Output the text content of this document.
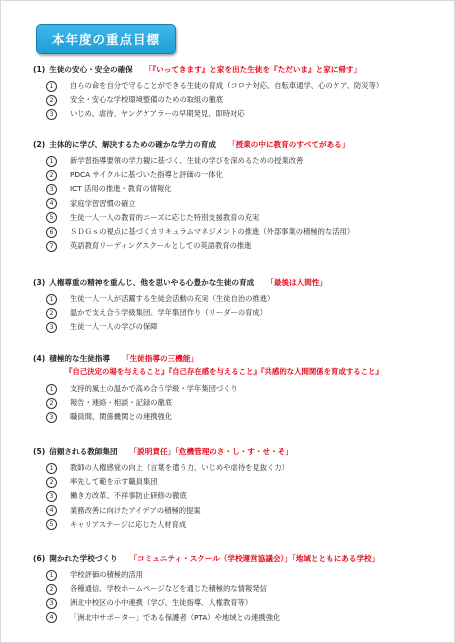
本年度の重点目標
(1) 生徒の安心・安全の確保 「『いってきます』と家を出た生徒を『ただいま』と家に帰す」
1	自らの命を自分で守ることができる生徒の育成（コロナ対応、自転車通学、心のケア、防災等）
2	安全・安心な学校環境整備のための取組の徹底
3	いじめ、虐待、ヤングケアラーの早期発見、即時対応
(2) 主体的に学び、解決するための確かな学力の育成 「授業の中に教育のすべてがある」
1	新学習指導要領の学力観に基づく、生徒の学びを深めるための授業改善
2	PDCA サイクルに基づいた指導と評価の一体化
3	ICT 活用の推進・教育の情報化
4	家庭学習習慣の確立
5	生徒一人一人の教育的ニーズに応じた特別支援教育の充実
6	ＳＤＧｓの視点に基づくカリキュラムマネジメントの推進（外部事業の積極的な活用）
7	英語教育リーディングスクールとしての英語教育の推進
(3) 人権尊重の精神を重んじ、他を思いやる心豊かな生徒の育成 「最後は人間性」
1	生徒一人一人が活躍する生徒会活動の充実（生徒自治の推進）
2	温かで支え合う学級集団、学年集団作り（リーダーの育成）
3	生徒一人一人の学びの保障
(4) 積極的な生徒指導 「生徒指導の三機能」
『自己決定の場を与えること』『自己存在感を与えること』『共感的な人間関係を育成すること』
1	支持的風土の温かで高め合う学級・学年集団づくり
2	報告・連絡・相談・記録の徹底
3	職員間、関係機関との連携強化
(5) 信頼される教師集団 「説明責任」「危機管理のさ・し・す・せ・そ」
1	教師の人権感覚の向上（言葉を遣う力、いじめや虐待を見抜く力）
2	率先して範を示す職員集団
3	働き方改革、不祥事防止研修の徹底
4	業務改善に向けたアイデアの積極的提案
5	キャリアステージに応じた人材育成
(6) 開かれた学校づくり 「コミュニティ・スクール（学校運営協議会）」「地域とともにある学校」
1	学校評価の積極的活用
2	各種通信、学校ホームページなどを通じた積極的な情報発信
3	洲北中校区の小中連携（学び、生徒指導、人権教育等）
4	「洲北中サポーター」である保護者（PTA）や地域との連携強化
